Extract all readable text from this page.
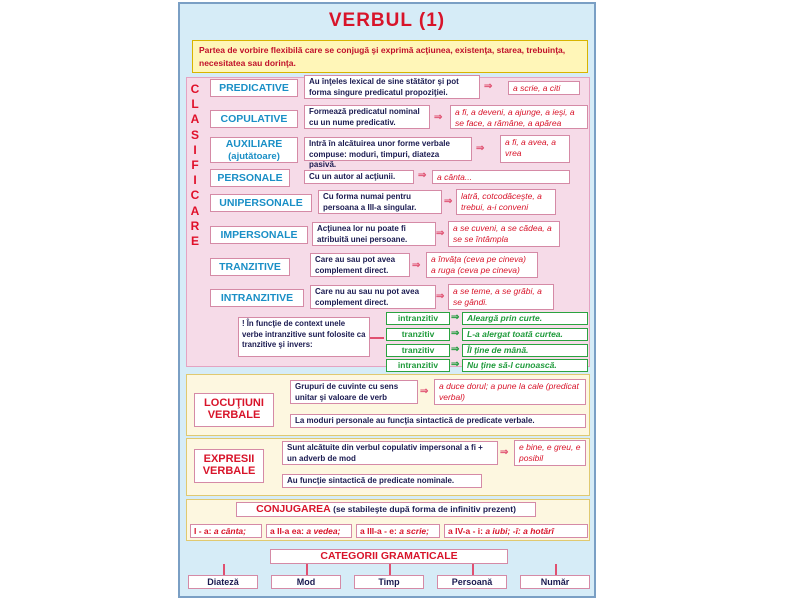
VERBUL (1)
Partea de vorbire flexibilă care se conjugă şi exprimă acţiunea, existenţa, starea, trebuinţa, necesitatea sau dorinţa.
C
L
A
S
I
F
I
C
A
R
E
PREDICATIVE
Au înţeles lexical de sine stătător şi pot forma singure predicatul propoziţiei.	⇒	a scrie, a citi
COPULATIVE
Formează predicatul nominal cu un nume predicativ.	⇒	a fi, a deveni, a ajunge, a ieşi, a se face, a rămâne, a apărea
AUXILIARE
(ajutătoare)
Intră în alcătuirea unor forme verbale compuse: moduri, timpuri, diateza pasivă.
⇒
a fi, a avea, a vrea
PERSONALE	Cu un autor al acţiunii.	⇒	a cânta...
UNIPERSONALE
Cu forma numai pentru persoana a III-a singular.	⇒	latră, cotcodăceşte, a trebui, a-i conveni
IMPERSONALE
Acţiunea lor nu poate fi atribuită unei persoane.	⇒	a se cuveni, a se cădea, a se se întâmpla
TRANZITIVE
Care au sau pot avea complement direct.	⇒
a învăţa (ceva pe cineva) a ruga (ceva pe cineva)
INTRANZITIVE
Care nu au sau nu pot avea complement direct.	⇒	a se teme, a se grăbi, a se gândi.
! În funcţie de context unele verbe intranzitive sunt folosite ca tranzitive şi invers:
intranzitiv	⇒ Aleargă prin curte.
tranzitiv	⇒ L-a alergat toată curtea.
tranzitiv	⇒ Îl ţine de mână.
intranzitiv	⇒ Nu ţine să-l cunoască.
LOCUŢIUNI VERBALE
Grupuri de cuvinte cu sens unitar şi valoare de verb	⇒	a duce dorul; a pune la cale (predicat verbal)
La moduri personale au funcţia sintactică de predicate verbale.
EXPRESII VERBALE
Sunt alcătuite din verbul copulativ impersonal a fi + un adverb de mod	⇒	e bine, e greu, e posibil
Au funcţie sintactică de predicate nominale.
CONJUGAREA (se stabileşte după forma de infinitiv prezent)
I - a: a cânta;	a II-a ea: a vedea;	a III-a - e: a scrie;	a IV-a - i: a iubi; -î: a hotărî
CATEGORII GRAMATICALE
Diateză	Mod	Timp	Persoană	Număr
